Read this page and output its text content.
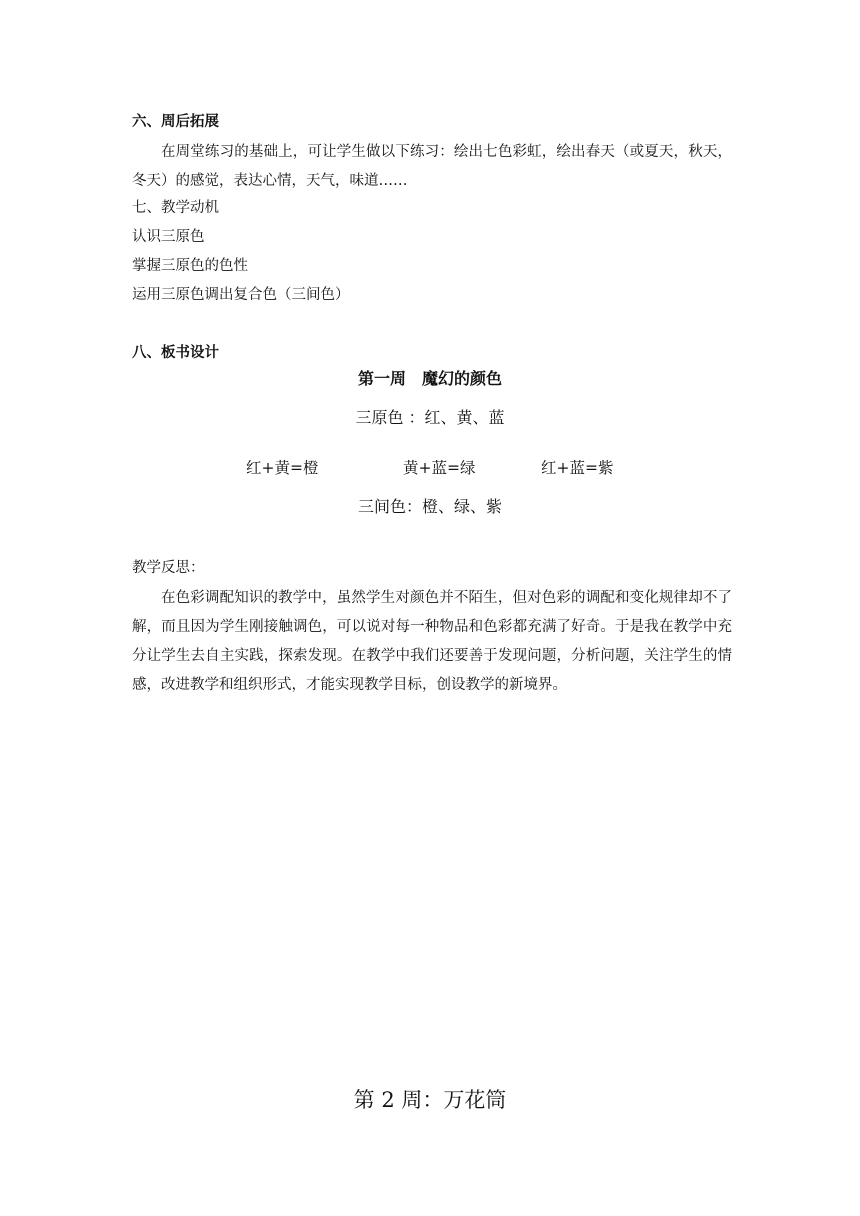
六、周后拓展
在周堂练习的基础上，可让学生做以下练习：绘出七色彩虹，绘出春天（或夏天，秋天，冬天）的感觉，表达心情，天气，味道……
七、教学动机
认识三原色
掌握三原色的色性
运用三原色调出复合色（三间色）
八、板书设计
第一周　魔幻的颜色
三原色 ：红、黄、蓝
红+黄=橙	黄+蓝=绿	红+蓝=紫
三间色：橙、绿、紫
教学反思：
在色彩调配知识的教学中，虽然学生对颜色并不陌生，但对色彩的调配和变化规律却不了解，而且因为学生刚接触调色，可以说对每一种物品和色彩都充满了好奇。于是我在教学中充分让学生去自主实践，探索发现。在教学中我们还要善于发现问题，分析问题，关注学生的情感，改进教学和组织形式，才能实现教学目标，创设教学的新境界。
第 2 周：万花筒
